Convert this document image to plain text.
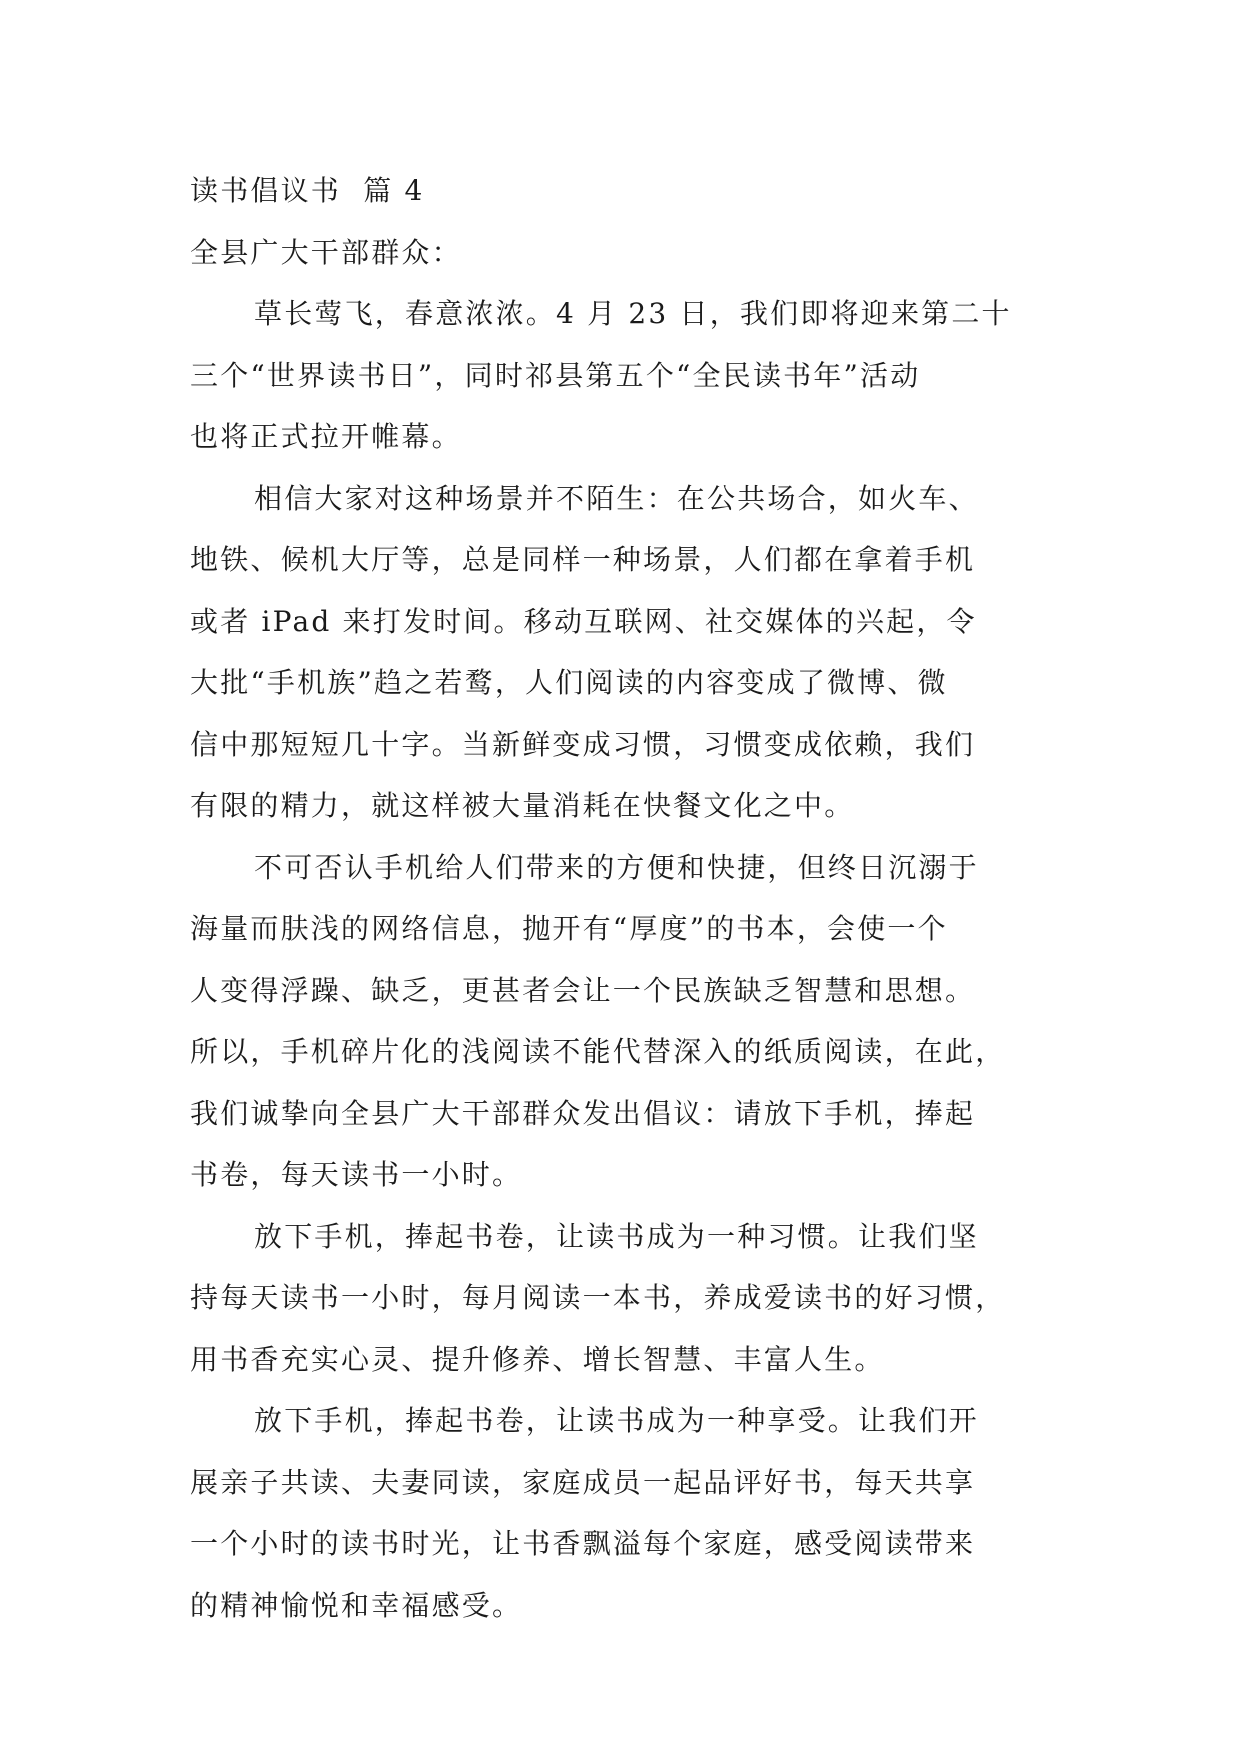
读书倡议书  篇 4
全县广大干部群众：
草长莺飞，春意浓浓。4 月 23 日，我们即将迎来第二十
三个“世界读书日”，同时祁县第五个“全民读书年”活动
也将正式拉开帷幕。
相信大家对这种场景并不陌生：在公共场合，如火车、
地铁、候机大厅等，总是同样一种场景，人们都在拿着手机
或者 iPad 来打发时间。移动互联网、社交媒体的兴起，令
大批“手机族”趋之若鹜，人们阅读的内容变成了微博、微
信中那短短几十字。当新鲜变成习惯，习惯变成依赖，我们
有限的精力，就这样被大量消耗在快餐文化之中。
不可否认手机给人们带来的方便和快捷，但终日沉溺于
海量而肤浅的网络信息，抛开有“厚度”的书本，会使一个
人变得浮躁、缺乏，更甚者会让一个民族缺乏智慧和思想。
所以，手机碎片化的浅阅读不能代替深入的纸质阅读，在此，
我们诚挚向全县广大干部群众发出倡议：请放下手机，捧起
书卷，每天读书一小时。
放下手机，捧起书卷，让读书成为一种习惯。让我们坚
持每天读书一小时，每月阅读一本书，养成爱读书的好习惯，
用书香充实心灵、提升修养、增长智慧、丰富人生。
放下手机，捧起书卷，让读书成为一种享受。让我们开
展亲子共读、夫妻同读，家庭成员一起品评好书，每天共享
一个小时的读书时光，让书香飘溢每个家庭，感受阅读带来
的精神愉悦和幸福感受。
